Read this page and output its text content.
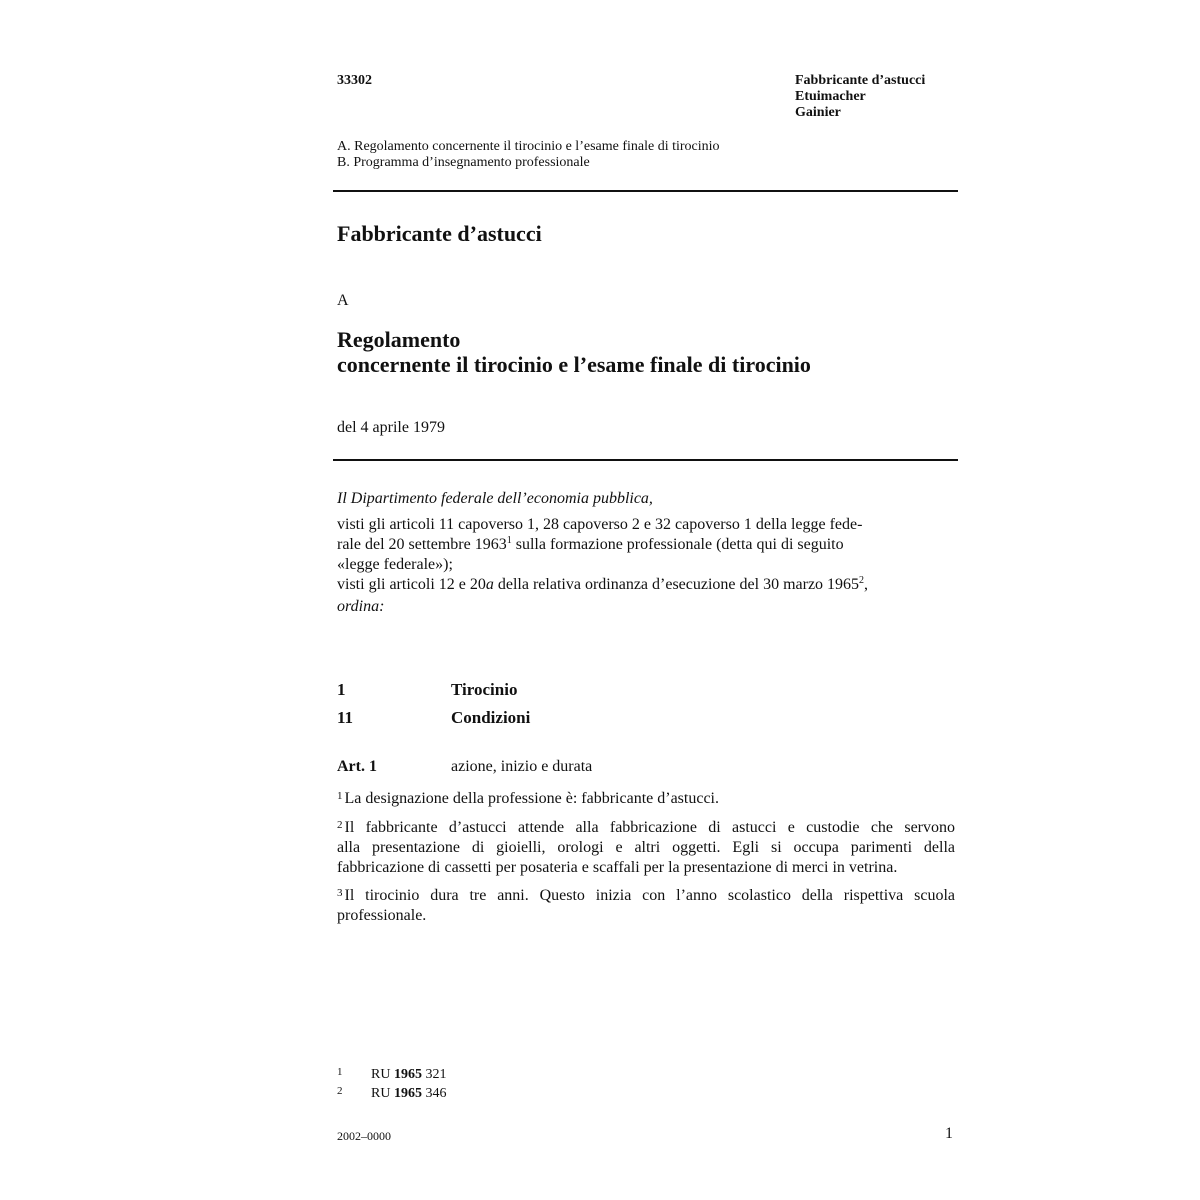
33302	Fabbricante d’astucci
Etuimacher
Gainier
A. Regolamento concernente il tirocinio e l’esame finale di tirocinio
B. Programma d’insegnamento professionale
Fabbricante d’astucci
A
Regolamento
concernente il tirocinio e l’esame finale di tirocinio
del 4 aprile 1979
Il Dipartimento federale dell’economia pubblica,
visti gli articoli 11 capoverso 1, 28 capoverso 2 e 32 capoverso 1 della legge fede-
rale del 20 settembre 1963$^1$ sulla formazione professionale (detta qui di seguito
«legge federale»);
visti gli articoli 12 e 20a della relativa ordinanza d’esecuzione del 30 marzo 1965$^2$,
ordina:
1	Tirocinio
11	Condizioni
Art. 1	azione, inizio e durata
$^1$ La designazione della professione è: fabbricante d’astucci.
$^2$ Il fabbricante d’astucci attende alla fabbricazione di astucci e custodie che servono
alla presentazione di gioielli, orologi e altri oggetti. Egli si occupa parimenti della
fabbricazione di cassetti per posateria e scaffali per la presentazione di merci in vetrina.
$^3$ Il tirocinio dura tre anni. Questo inizia con l’anno scolastico della rispettiva scuola
professionale.
1 RU 1965 321
2 RU 1965 346
2002–0000	1
